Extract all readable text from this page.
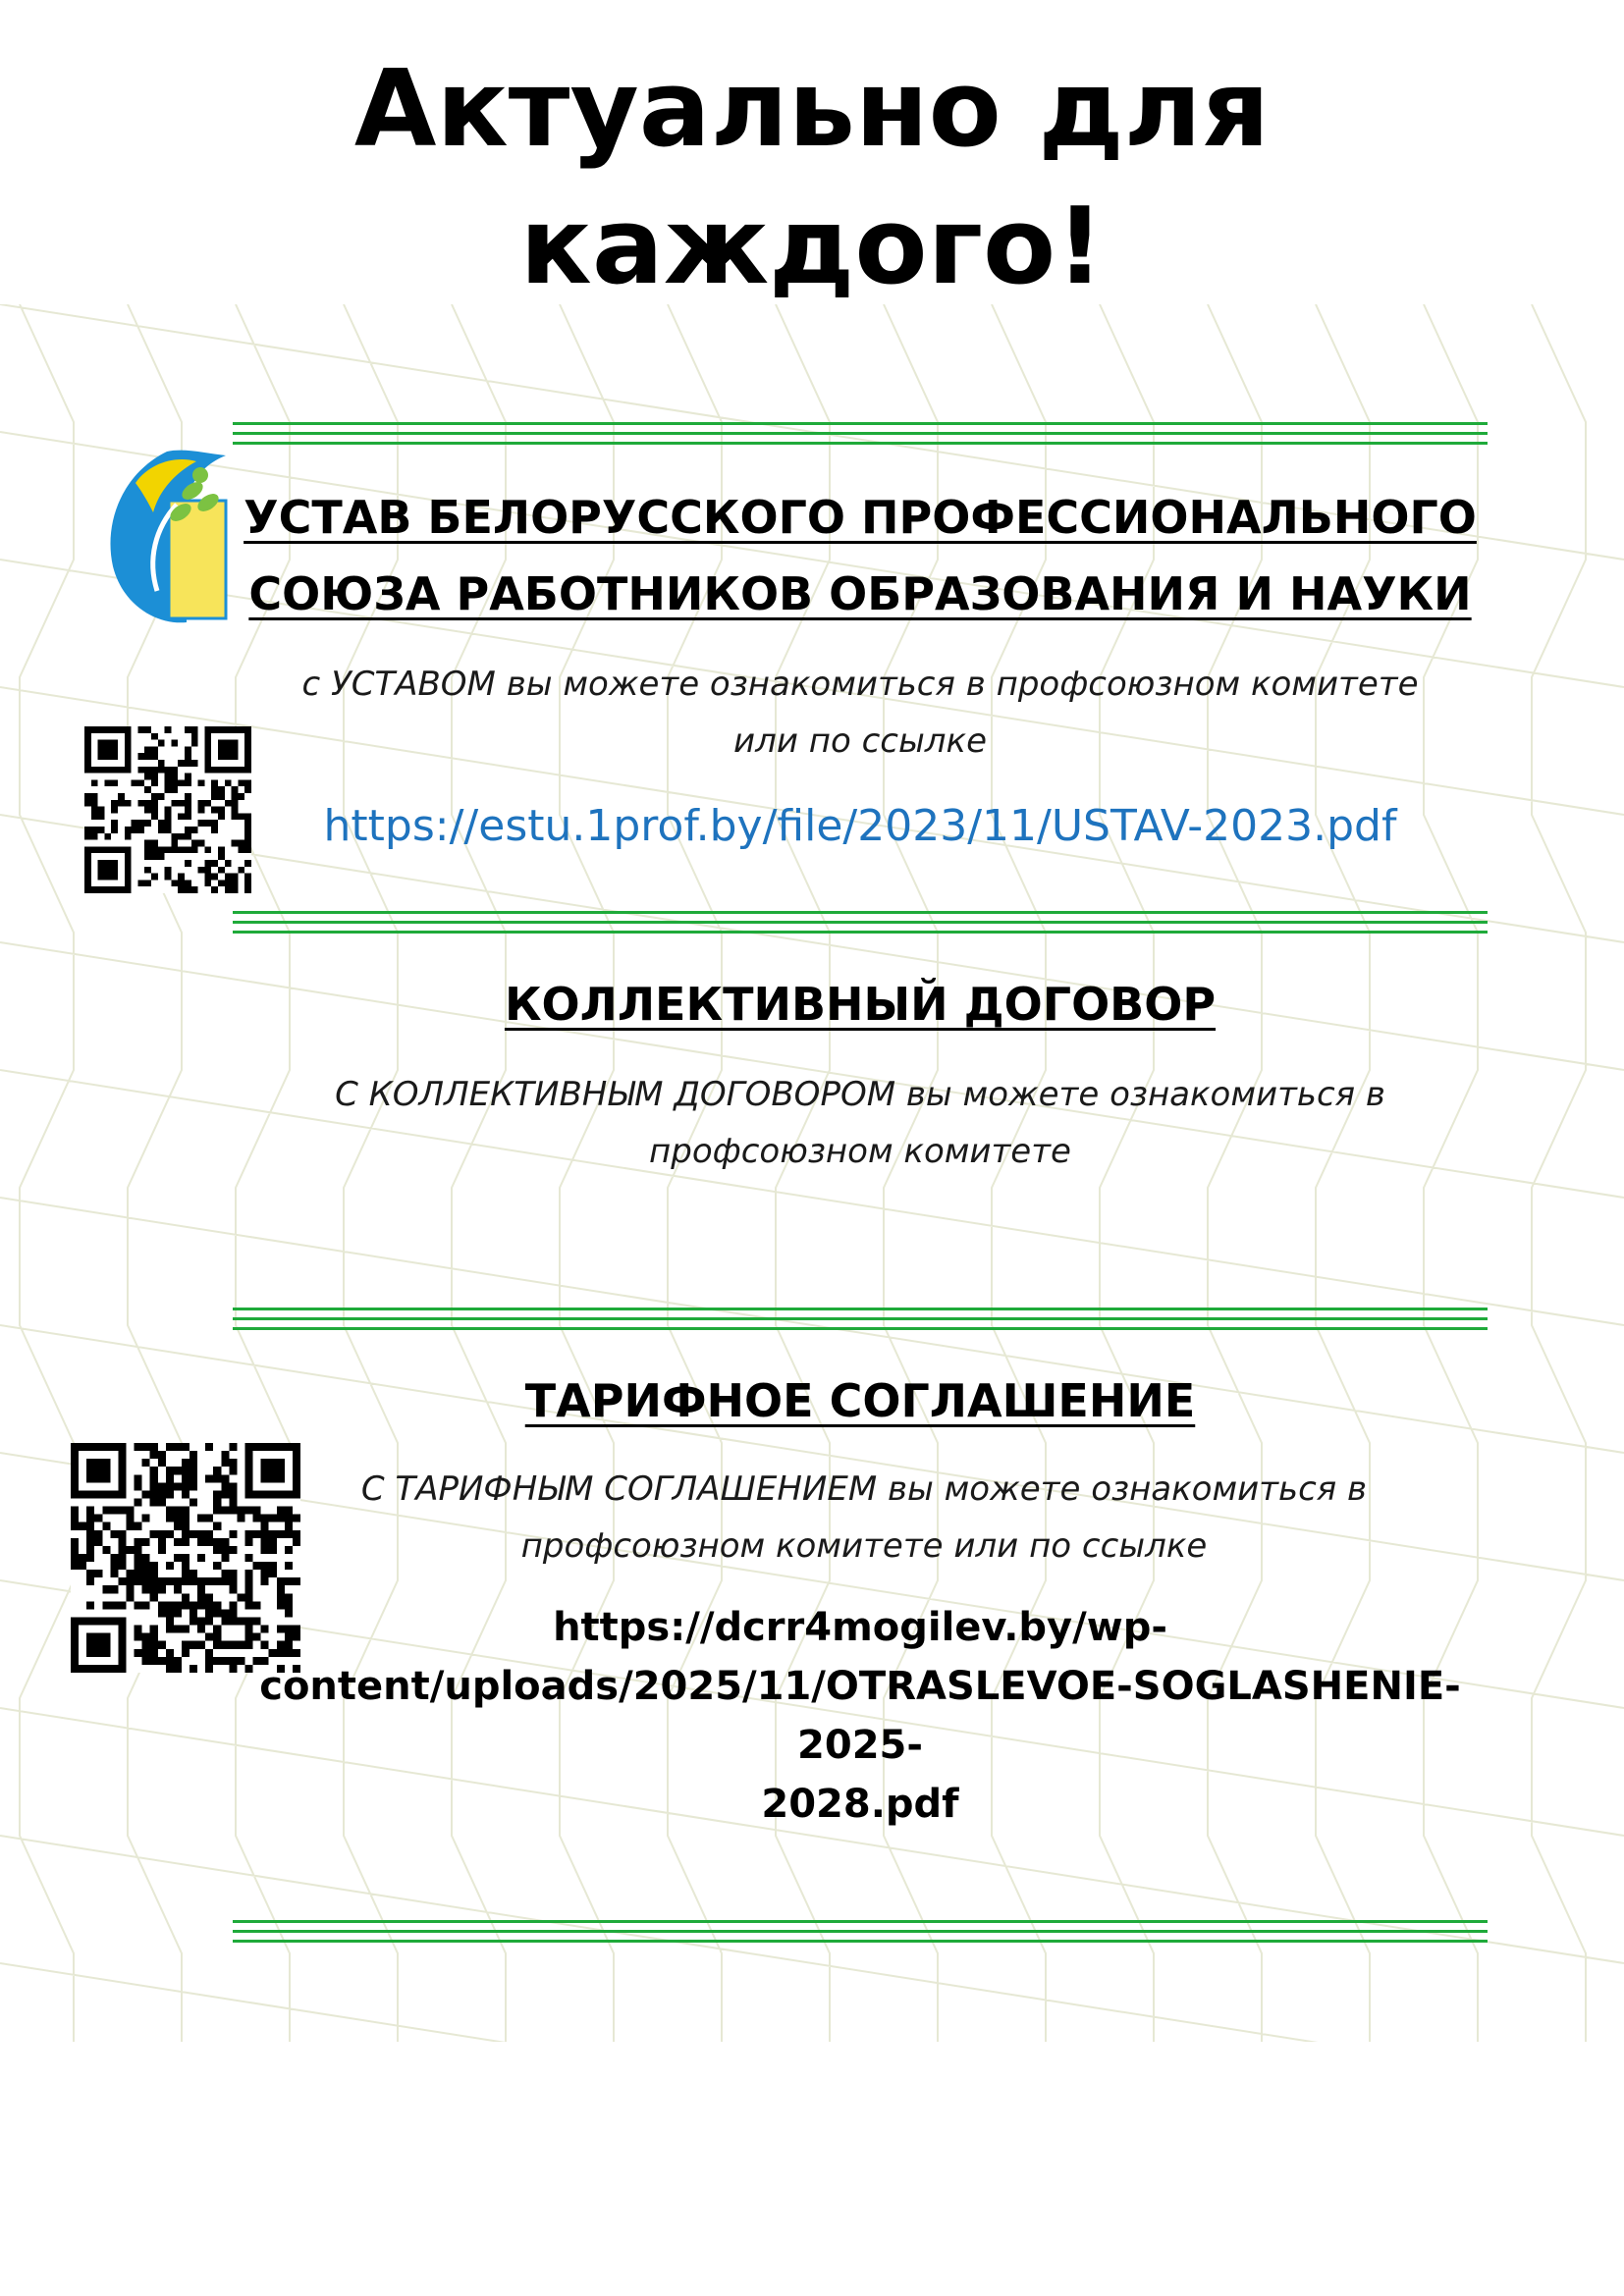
Актуально для
каждого!
УСТАВ БЕЛОРУССКОГО ПРОФЕССИОНАЛЬНОГО
СОЮЗА РАБОТНИКОВ ОБРАЗОВАНИЯ И НАУКИ

с УСТАВОМ вы можете ознакомиться в профсоюзном комитете
или по ссылке

https://estu.1prof.by/file/2023/11/USTAV-2023.pdf
КОЛЛЕКТИВНЫЙ ДОГОВОР

С КОЛЛЕКТИВНЫМ ДОГОВОРОМ вы можете ознакомиться в
профсоюзном комитете

ТАРИФНОЕ СОГЛАШЕНИЕ

С ТАРИФНЫМ СОГЛАШЕНИЕМ вы можете ознакомиться в
профсоюзном комитете или по ссылке

https://dcrr4mogilev.by/wp-
content/uploads/2025/11/OTRASLEVOE-SOGLASHENIE-2025-
2028.pdf
